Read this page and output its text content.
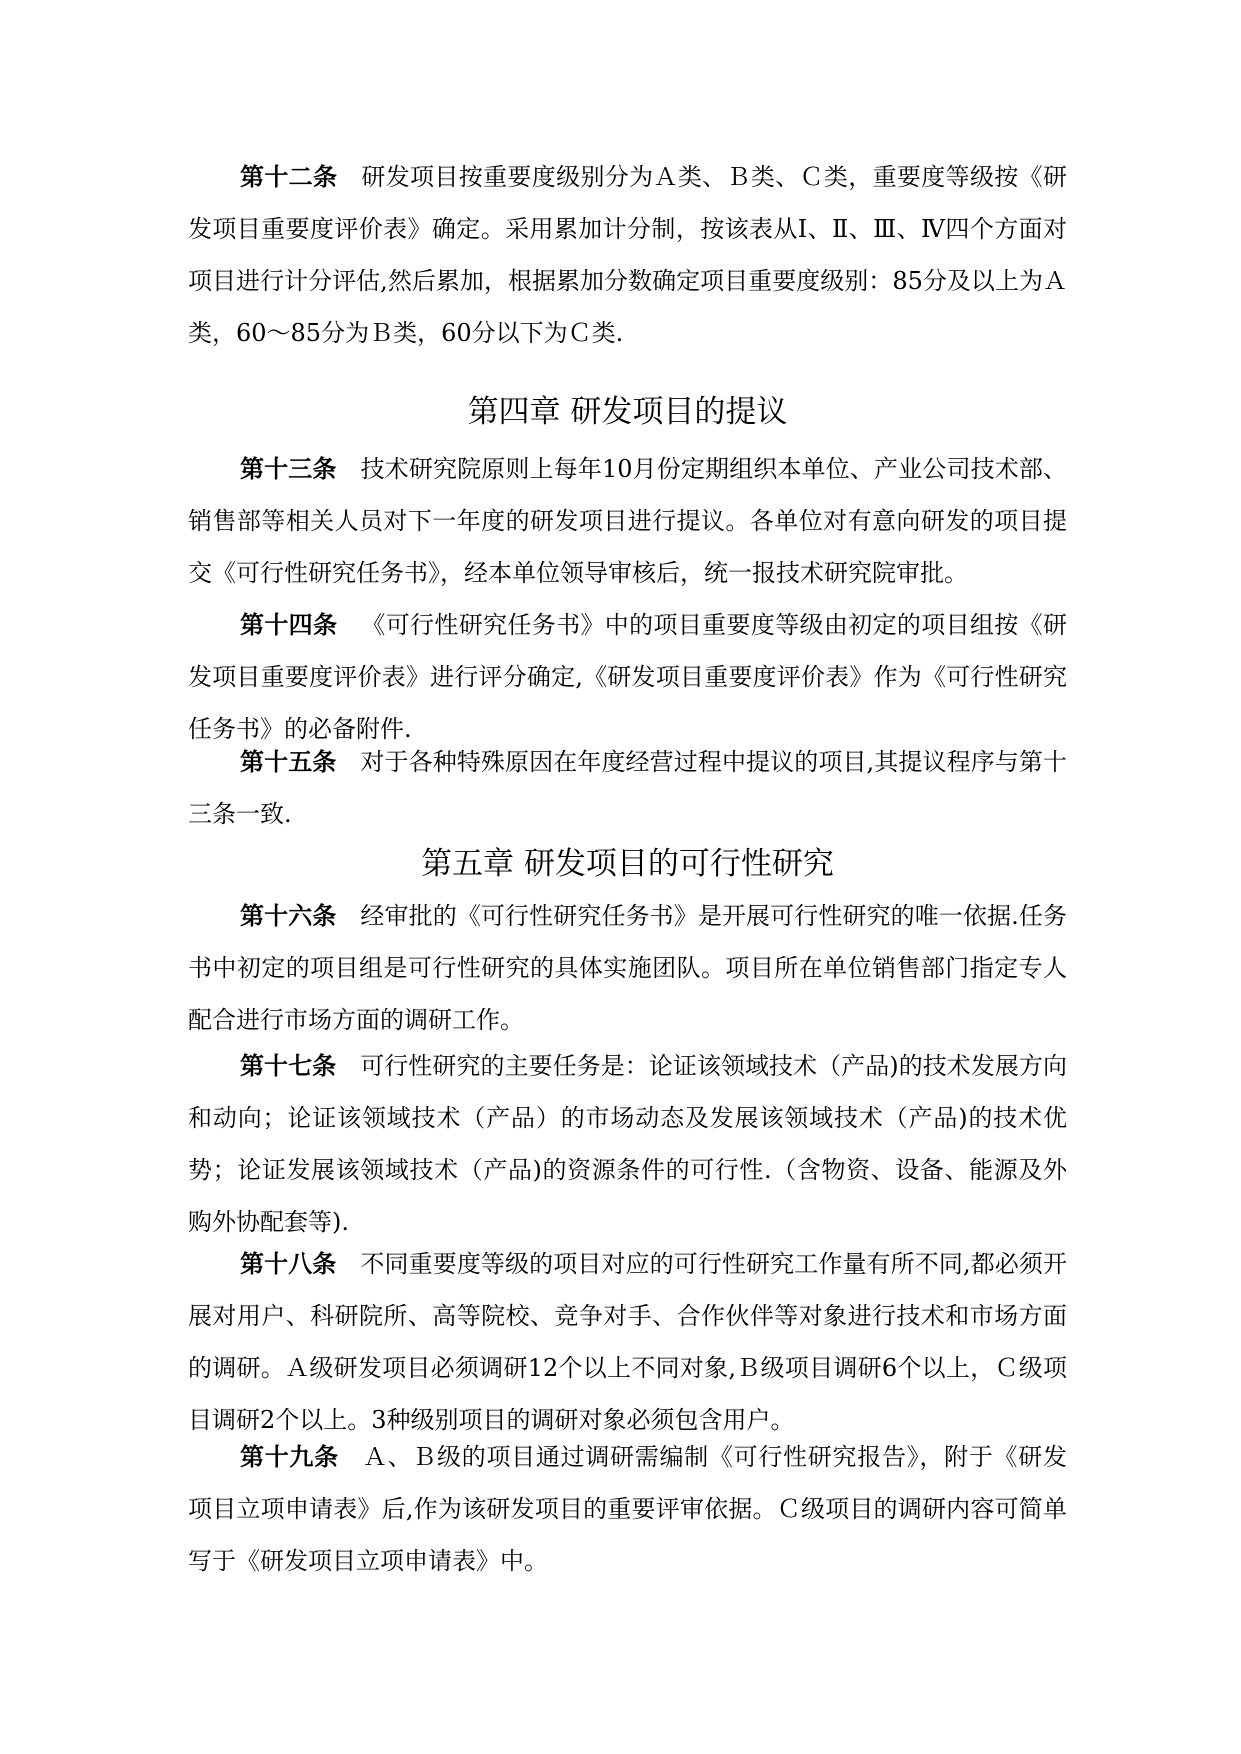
第十二条 研发项目按重要度级别分为Ａ类、Ｂ类、Ｃ类，重要度等级按《研发项目重要度评价表》确定。采用累加计分制，按该表从Ⅰ、Ⅱ、Ⅲ、Ⅳ四个方面对项目进行计分评估,然后累加，根据累加分数确定项目重要度级别：85分及以上为Ａ类，60～85分为Ｂ类，60分以下为Ｃ类.

第四章 研发项目的提议

第十三条 技术研究院原则上每年10月份定期组织本单位、产业公司技术部、销售部等相关人员对下一年度的研发项目进行提议。各单位对有意向研发的项目提交《可行性研究任务书》，经本单位领导审核后，统一报技术研究院审批。

第十四条 《可行性研究任务书》中的项目重要度等级由初定的项目组按《研发项目重要度评价表》进行评分确定,《研发项目重要度评价表》作为《可行性研究任务书》的必备附件.

第十五条 对于各种特殊原因在年度经营过程中提议的项目,其提议程序与第十三条一致.

第五章 研发项目的可行性研究

第十六条 经审批的《可行性研究任务书》是开展可行性研究的唯一依据.任务书中初定的项目组是可行性研究的具体实施团队。项目所在单位销售部门指定专人配合进行市场方面的调研工作。

第十七条 可行性研究的主要任务是：论证该领域技术（产品)的技术发展方向和动向；论证该领域技术（产品）的市场动态及发展该领域技术（产品)的技术优势；论证发展该领域技术（产品)的资源条件的可行性.（含物资、设备、能源及外购外协配套等).

第十八条 不同重要度等级的项目对应的可行性研究工作量有所不同,都必须开展对用户、科研院所、高等院校、竞争对手、合作伙伴等对象进行技术和市场方面的调研。Ａ级研发项目必须调研12个以上不同对象,Ｂ级项目调研6个以上，Ｃ级项目调研2个以上。3种级别项目的调研对象必须包含用户。

第十九条 Ａ、Ｂ级的项目通过调研需编制《可行性研究报告》，附于《研发项目立项申请表》后,作为该研发项目的重要评审依据。Ｃ级项目的调研内容可简单写于《研发项目立项申请表》中。
